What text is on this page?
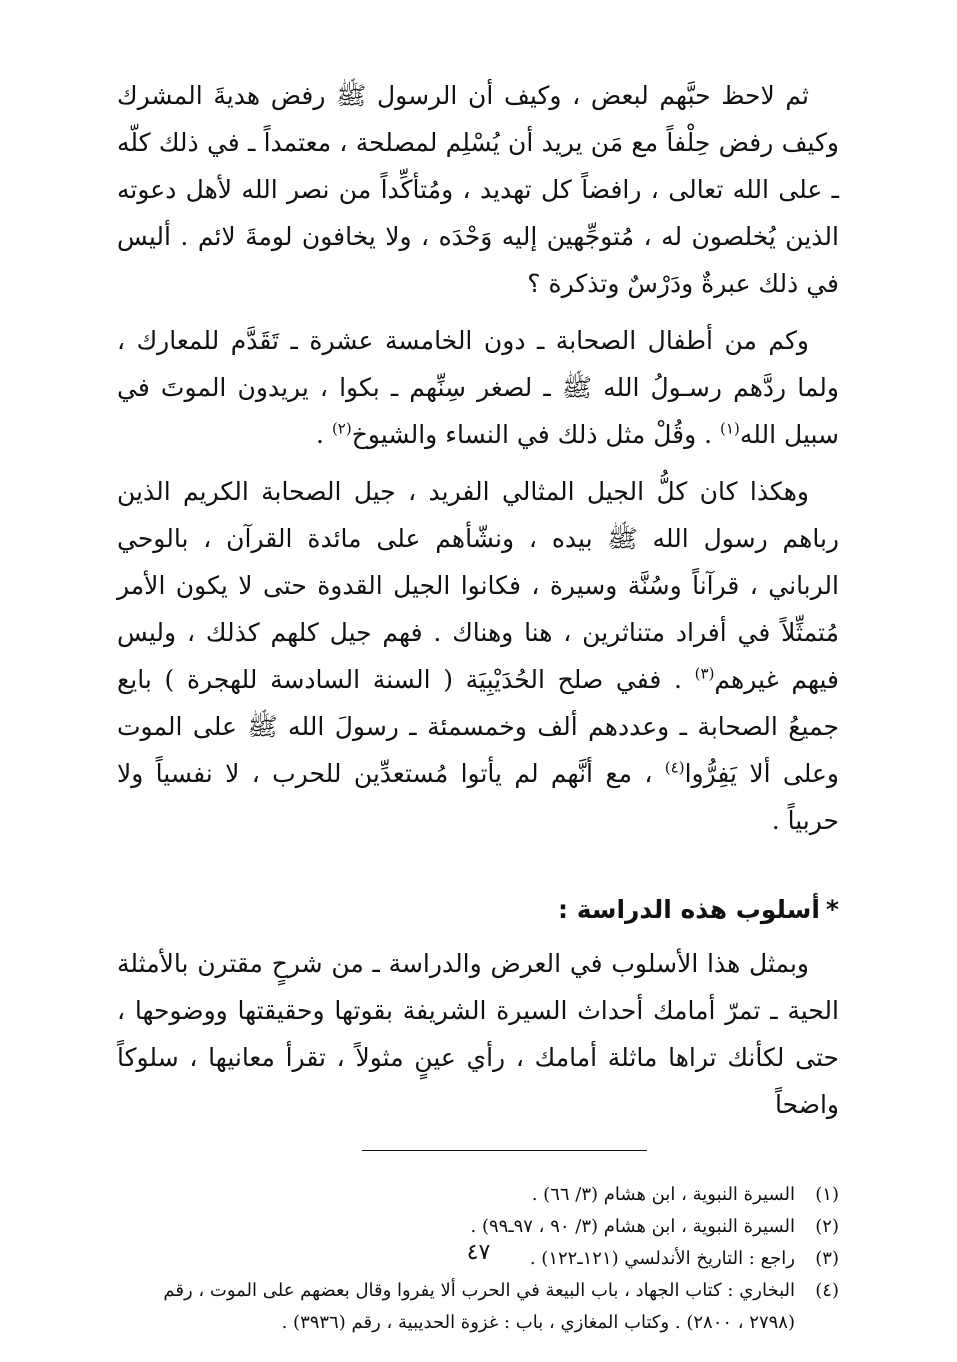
ثم لاحظ حبَّهم لبعض ، وكيف أن الرسول ﷺ رفض هديةَ المشرك وكيف رفض حِلْفاً مع مَن يريد أن يُسْلِم لمصلحة ، معتمداً ـ في ذلك كلّه ـ على الله تعالى ، رافضاً كل تهديد ، ومُتأكِّداً من نصر الله لأهل دعوته الذين يُخلصون له ، مُتوجِّهين إليه وَحْدَه ، ولا يخافون لومةَ لائم . أليس في ذلك عبرةٌ ودَرْسٌ وتذكرة ؟

وكم من أطفال الصحابة ـ دون الخامسة عشرة ـ تَقَدَّم للمعارك ، ولما ردَّهم رسـولُ الله ﷺ ـ لصغر سِنِّهم ـ بكوا ، يريدون الموتَ في سبيل الله$^{(١)}$ . وقُلْ مثل ذلك في النساء والشيوخ$^{(٢)}$ .

وهكذا كان كلُّ الجيل المثالي الفريد ، جيل الصحابة الكريم الذين رباهم رسول الله ﷺ بيده ، ونشّأهم على مائدة القرآن ، بالوحي الرباني ، قرآناً وسُنَّة وسيرة ، فكانوا الجيل القدوة حتى لا يكون الأمر مُتمثِّلاً في أفراد متناثرين ، هنا وهناك . فهم جيل كلهم كذلك ، وليس فيهم غيرهم$^{(٣)}$ . ففي صلح الحُدَيْبِيَة ( السنة السادسة للهجرة ) بايع جميعُ الصحابة ـ وعددهم ألف وخمسمئة ـ رسولَ الله ﷺ على الموت وعلى ألا يَفِرُّوا$^{(٤)}$ ، مع أنَّهم لم يأتوا مُستعدِّين للحرب ، لا نفسياً ولا حربياً .

*أسلوب هذه الدراسة :

وبمثل هذا الأسلوب في العرض والدراسة ـ من شرحٍ مقترن بالأمثلة الحية ـ تمرّ أمامك أحداث السيرة الشريفة بقوتها وحقيقتها ووضوحها ، حتى لكأنك تراها ماثلة أمامك ، رأي عينٍ مثولاً ، تقرأ معانيها ، سلوكاً واضحاً

(١)
السيرة النبوية ، ابن هشام (٣/ ٦٦) .
(٢)
السيرة النبوية ، ابن هشام (٣/ ٩٠ ، ٩٧ـ٩٩) .
(٣)
راجع : التاريخ الأندلسي (١٢١ـ١٢٢) .
(٤)
البخاري : كتاب الجهاد ، باب البيعة في الحرب ألا يفروا وقال بعضهم على الموت ، رقم (٢٧٩٨ ، ٢٨٠٠) . وكتاب المغازي ، باب : غزوة الحديبية ، رقم (٣٩٣٦) .
٤٧
